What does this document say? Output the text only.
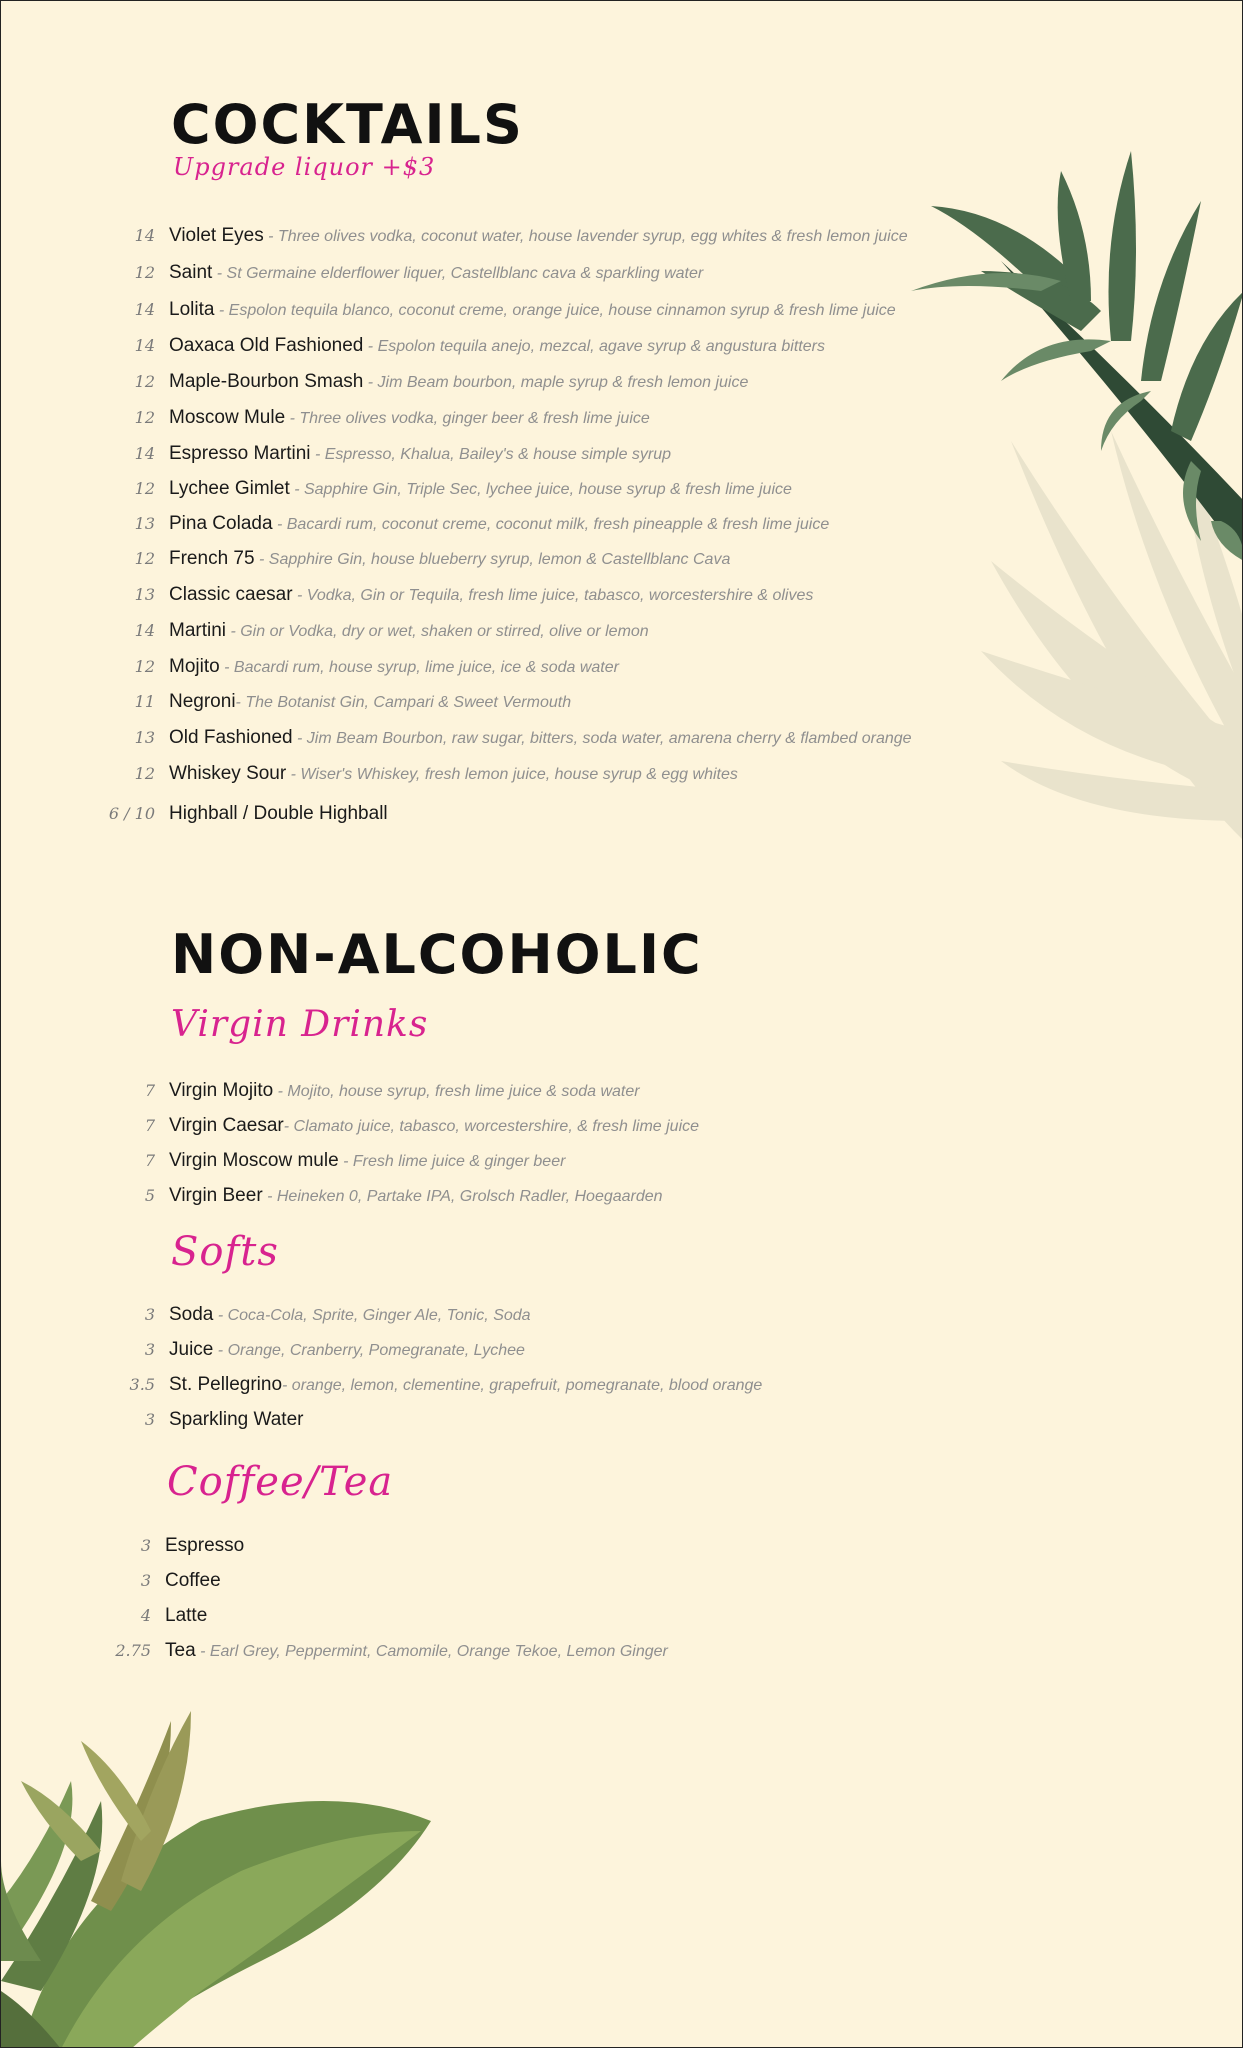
COCKTAILS
Upgrade liquor +$3
14 Violet Eyes - Three olives vodka, coconut water, house lavender syrup, egg whites & fresh lemon juice
12 Saint - St Germaine elderflower liquer, Castellblanc cava & sparkling water
14 Lolita - Espolon tequila blanco, coconut creme, orange juice, house cinnamon syrup & fresh lime juice
14 Oaxaca Old Fashioned - Espolon tequila anejo, mezcal, agave syrup & angustura bitters
12 Maple-Bourbon Smash - Jim Beam bourbon, maple syrup & fresh lemon juice
12 Moscow Mule - Three olives vodka, ginger beer & fresh lime juice
14 Espresso Martini - Espresso, Khalua, Bailey's & house simple syrup
12 Lychee Gimlet - Sapphire Gin, Triple Sec, lychee juice, house syrup & fresh lime juice
13 Pina Colada - Bacardi rum, coconut creme, coconut milk, fresh pineapple & fresh lime juice
12 French 75 - Sapphire Gin, house blueberry syrup, lemon & Castellblanc Cava
13 Classic caesar - Vodka, Gin or Tequila, fresh lime juice, tabasco, worcestershire & olives
14 Martini - Gin or Vodka, dry or wet, shaken or stirred, olive or lemon
12 Mojito - Bacardi rum, house syrup, lime juice, ice & soda water
11 Negroni- The Botanist Gin, Campari & Sweet Vermouth
13 Old Fashioned - Jim Beam Bourbon, raw sugar, bitters, soda water, amarena cherry & flambed orange
12 Whiskey Sour - Wiser's Whiskey, fresh lemon juice, house syrup & egg whites
6 / 10 Highball / Double Highball
NON-ALCOHOLIC
Virgin Drinks
7 Virgin Mojito - Mojito, house syrup, fresh lime juice & soda water
7 Virgin Caesar- Clamato juice, tabasco, worcestershire, & fresh lime juice
7 Virgin Moscow mule - Fresh lime juice & ginger beer
5 Virgin Beer - Heineken 0, Partake IPA, Grolsch Radler, Hoegaarden
Softs
3 Soda - Coca-Cola, Sprite, Ginger Ale, Tonic, Soda
3 Juice - Orange, Cranberry, Pomegranate, Lychee
3.5 St. Pellegrino- orange, lemon, clementine, grapefruit, pomegranate, blood orange
3 Sparkling Water
Coffee/Tea
3 Espresso
3 Coffee
4 Latte
2.75 Tea - Earl Grey, Peppermint, Camomile, Orange Tekoe, Lemon Ginger
